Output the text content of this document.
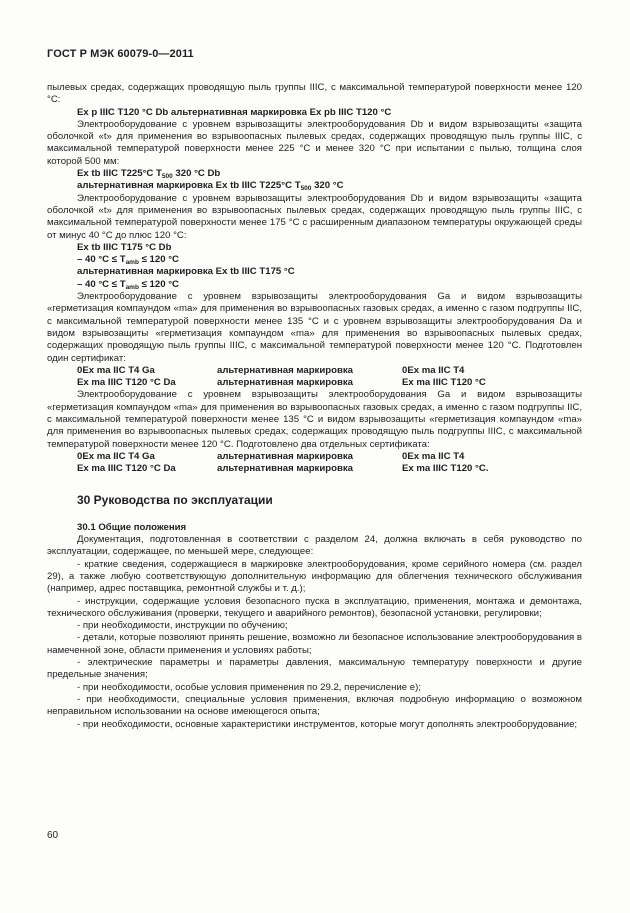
ГОСТ Р МЭК 60079-0—2011

пылевых средах, содержащих проводящую пыль группы IIIC, с максимальной температурой поверхности менее 120 °C:

Ex p IIIC T120 °C Db альтернативная маркировка Ex pb IIIC T120 °C

Электрооборудование с уровнем взрывозащиты электрооборудования Db и видом взрывозащиты «защита оболочкой «t» для применения во взрывоопасных пылевых средах, содержащих проводящую пыль группы IIIC, с максимальной температурой поверхности менее 225 °C и менее 320 °C при испытании с пылью, толщина слоя которой 500 мм:

Ex tb IIIC T225°C $T_{500}$ 320 °C Db
альтернативная маркировка Ex tb IIIC T225°C $T_{500}$ 320 °C

Электрооборудование с уровнем взрывозащиты электрооборудования Db и видом взрывозащиты «защита оболочкой «t» для применения во взрывоопасных пылевых средах, содержащих проводящую пыль группы IIIC, с максимальной температурой поверхности менее 175 °C с расширенным диапазоном температуры окружающей среды от минус 40 °C до плюс 120 °C:

Ex tb IIIC T175 °C Db
– 40 $^\circ C \le T_{amb} \le 120$ °C
альтернативная маркировка Ex tb IIIC T175 °C
– 40 $^\circ C \le T_{amb} \le 120$ °C

Электрооборудование с уровнем взрывозащиты электрооборудования Ga и видом взрывозащиты «герметизация компаундом «ma» для применения во взрывоопасных газовых средах, а именно с газом подгруппы IIC, с максимальной температурой поверхности менее 135 °C и с уровнем взрывозащиты электрооборудования Da и видом взрывозащиты «герметизация компаундом «ma» для применения во взрывоопасных пылевых средах, содержащих проводящую пыль группы IIIC, с максимальной температурой поверхности менее 120 °C. Подготовлен один сертификат:

0Ex ma IIC T4 Ga	альтернативная маркировка	0Ex ma IIC T4
Ex ma IIIC T120 °C Da	альтернативная маркировка	Ex ma IIIC T120 °C

Электрооборудование с уровнем взрывозащиты электрооборудования Ga и видом взрывозащиты «герметизация компаундом «ma» для применения во взрывоопасных газовых средах, а именно с газом подгруппы IIC, с максимальной температурой поверхности менее 135 °C и видом взрывозащиты «герметизация компаундом «ma» для применения во взрывоопасных пылевых средах, содержащих проводящую пыль подгруппы IIIC, с максимальной температурой поверхности менее 120 °C. Подготовлено два отдельных сертификата:

0Ex ma IIC T4 Ga	альтернативная маркировка	0Ex ma IIC T4
Ex ma IIIC T120 °C Da	альтернативная маркировка	Ex ma IIIC T120 °C.
30 Руководства по эксплуатации
30.1 Общие положения

Документация, подготовленная в соответствии с разделом 24, должна включать в себя руководство по эксплуатации, содержащее, по меньшей мере, следующее:

- краткие сведения, содержащиеся в маркировке электрооборудования, кроме серийного номера (см. раздел 29), а также любую соответствующую дополнительную информацию для облегчения технического обслуживания (например, адрес поставщика, ремонтной службы и т. д.);

- инструкции, содержащие условия безопасного пуска в эксплуатацию, применения, монтажа и демонтажа, технического обслуживания (проверки, текущего и аварийного ремонтов), безопасной установки, регулировки;

- при необходимости, инструкции по обучению;

- детали, которые позволяют принять решение, возможно ли безопасное использование электрооборудования в намеченной зоне, области применения и условиях работы;

- электрические параметры и параметры давления, максимальную температуру поверхности и другие предельные значения;

- при необходимости, особые условия применения по 29.2, перечисление e);

- при необходимости, специальные условия применения, включая подробную информацию о возможном неправильном использовании на основе имеющегося опыта;

- при необходимости, основные характеристики инструментов, которые могут дополнять электрооборудование;

60
